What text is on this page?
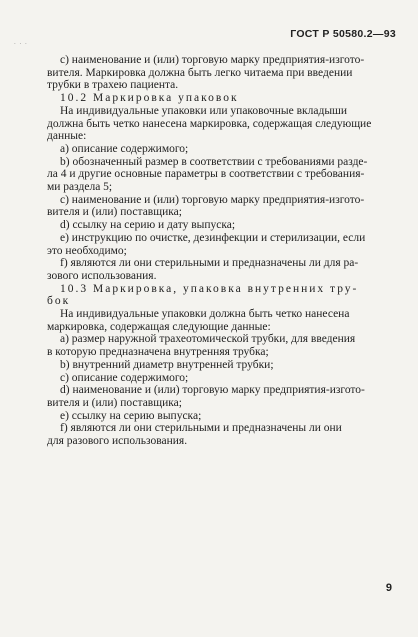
. . .
ГОСТ Р 50580.2—93

с) наименование и (или) торговую марку предприятия-изгото-

вителя. Маркировка должна быть легко читаема при введении

трубки в трахею пациента.

10.2 Маркировка упаковок

На индивидуальные упаковки или упаковочные вкладыши

должна быть четко нанесена маркировка, содержащая следующие

данные:

а) описание содержимого;

b) обозначенный размер в соответствии с требованиями разде-

ла 4 и другие основные параметры в соответствии с требования-

ми раздела 5;

с) наименование и (или) торговую марку предприятия-изгото-

вителя и (или) поставщика;

d) ссылку на серию и дату выпуска;

е) инструкцию по очистке, дезинфекции и стерилизации, если

это необходимо;

f) являются ли они стерильными и предназначены ли для ра-

зового использования.

10.3 Маркировка, упаковка внутренних тру-

бок

На индивидуальные упаковки должна быть четко нанесена

маркировка, содержащая следующие данные:

а) размер наружной трахеотомической трубки, для введения

в которую предназначена внутренняя трубка;

b) внутренний диаметр внутренней трубки;

с) описание содержимого;

d) наименование и (или) торговую марку предприятия-изгото-

вителя и (или) поставщика;

е) ссылку на серию выпуска;

f) являются ли они стерильными и предназначены ли они

для разового использования.

9
